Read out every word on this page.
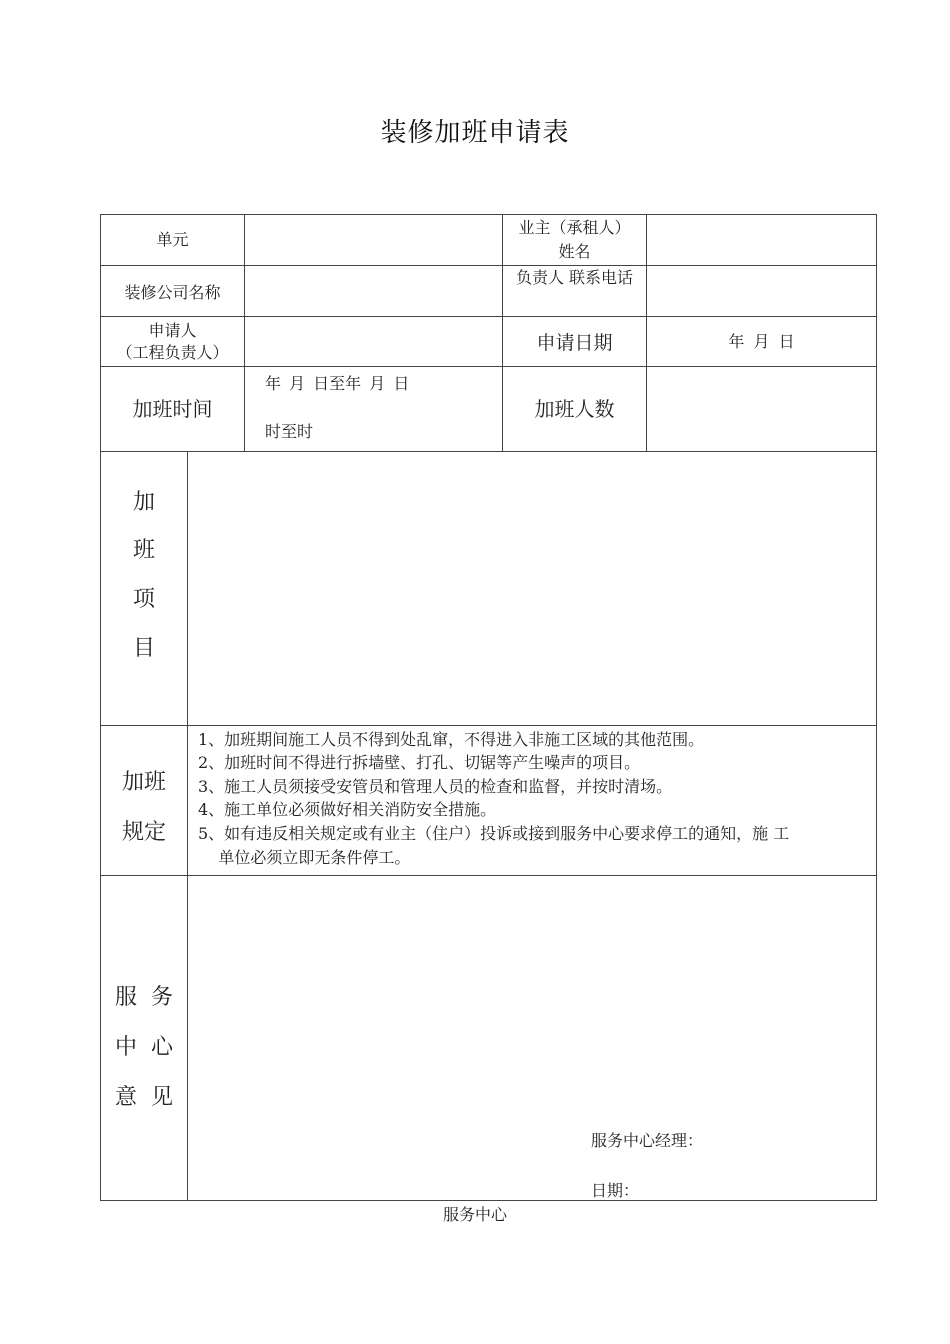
装修加班申请表
单元
业主（承租人）
姓名
装修公司名称
负责人 联系电话
申请人
（工程负责人）	申请日期	年 月 日
加班时间
年 月 日至年 月 日
时至时
加班人数
加
班
项
目
加班
规定
1、加班期间施工人员不得到处乱窜，不得进入非施工区域的其他范围。
2、加班时间不得进行拆墙壁、打孔、切锯等产生噪声的项目。
3、施工人员须接受安管员和管理人员的检查和监督，并按时清场。
4、施工单位必须做好相关消防安全措施。
5、如有违反相关规定或有业主（住户）投诉或接到服务中心要求停工的通知，施 工
单位必须立即无条件停工。
服  务
中  心
意  见
服务中心经理：
日期：
服务中心
